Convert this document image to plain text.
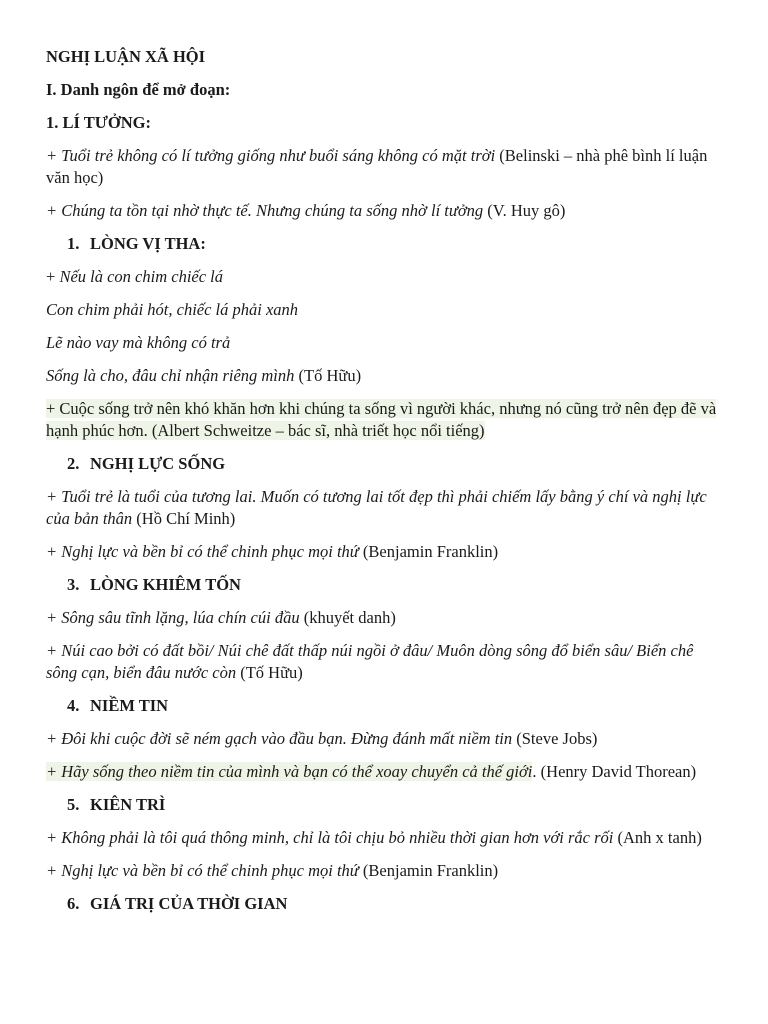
NGHỊ LUẬN XÃ HỘI

I. Danh ngôn để mở đoạn:

1. LÍ TƯỞNG:

+ Tuổi trẻ không có lí tưởng giống như buổi sáng không có mặt trời (Belinski – nhà phê bình lí luận văn học)

+ Chúng ta tồn tại nhờ thực tế. Nhưng chúng ta sống nhờ lí tưởng (V. Huy gô)

1. LÒNG VỊ THA:

+ Nếu là con chim chiếc lá

Con chim phải hót, chiếc lá phải xanh

Lẽ nào vay mà không có trả

Sống là cho, đâu chỉ nhận riêng mình (Tố Hữu)

+ Cuộc sống trở nên khó khăn hơn khi chúng ta sống vì người khác, nhưng nó cũng trở nên đẹp đẽ và hạnh phúc hơn. (Albert Schweitze – bác sĩ, nhà triết học nổi tiếng)

2. NGHỊ LỰC SỐNG

+ Tuổi trẻ là tuổi của tương lai. Muốn có tương lai tốt đẹp thì phải chiếm lấy bằng ý chí và nghị lực của bản thân (Hồ Chí Minh)

+ Nghị lực và bền bỉ có thể chinh phục mọi thứ (Benjamin Franklin)

3. LÒNG KHIÊM TỐN

+ Sông sâu tĩnh lặng, lúa chín cúi đầu (khuyết danh)

+ Núi cao bởi có đất bồi/ Núi chê đất thấp núi ngồi ở đâu/ Muôn dòng sông đổ biển sâu/ Biển chê sông cạn, biển đâu nước còn (Tố Hữu)

4. NIỀM TIN

+ Đôi khi cuộc đời sẽ ném gạch vào đầu bạn. Đừng đánh mất niềm tin (Steve Jobs)

+ Hãy sống theo niềm tin của mình và bạn có thể xoay chuyển cả thế giới. (Henry David Thorean)

5. KIÊN TRÌ

+ Không phải là tôi quá thông minh, chỉ là tôi chịu bỏ nhiều thời gian hơn với rắc rối (Anh x tanh)

+ Nghị lực và bền bỉ có thể chinh phục mọi thứ (Benjamin Franklin)

6. GIÁ TRỊ CỦA THỜI GIAN
